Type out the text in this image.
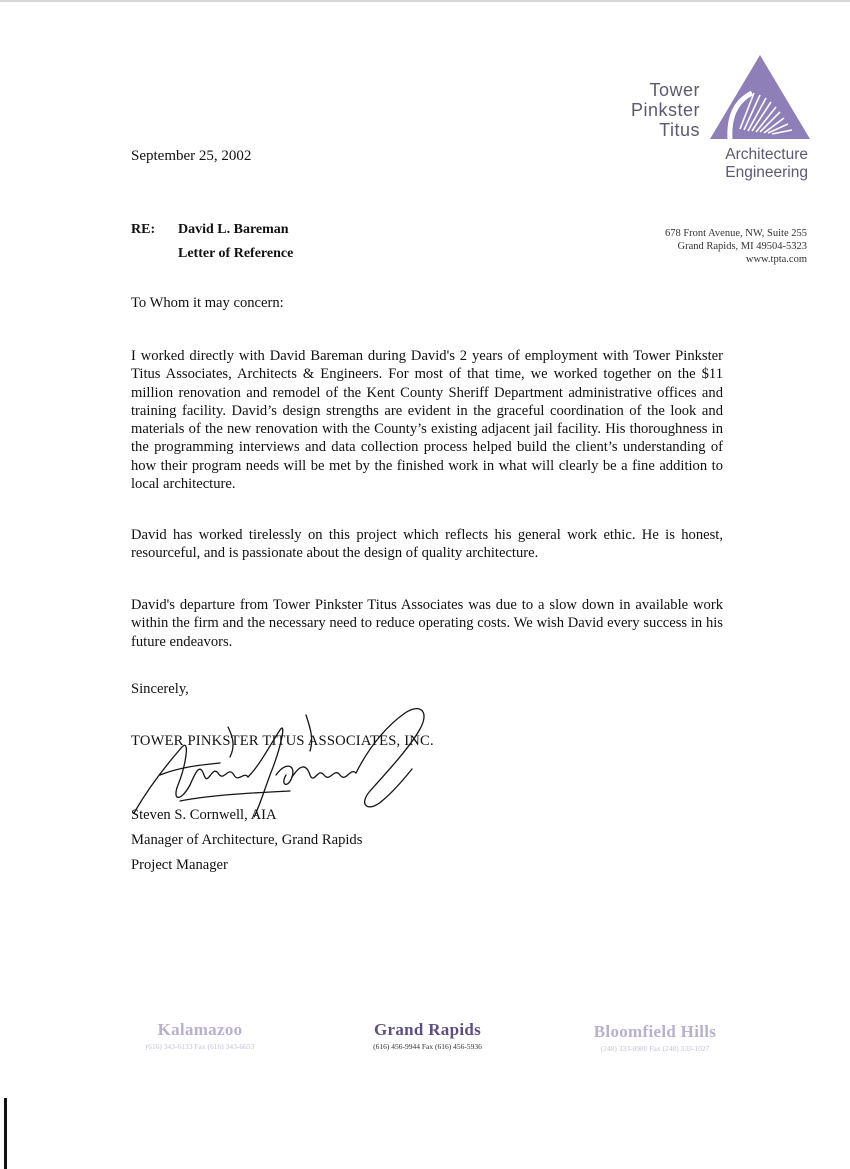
Tower
Pinkster
Titus
Architecture
Engineering
678 Front Avenue, NW, Suite 255
Grand Rapids, MI 49504-5323
www.tpta.com
September 25, 2002
RE: David L. Bareman
Letter of Reference
To Whom it may concern:
I worked directly with David Bareman during David's 2 years of employment with Tower Pinkster Titus Associates, Architects & Engineers. For most of that time, we worked together on the $11 million renovation and remodel of the Kent County Sheriff Department administrative offices and training facility. David’s design strengths are evident in the graceful coordination of the look and materials of the new renovation with the County’s existing adjacent jail facility. His thoroughness in the programming interviews and data collection process helped build the client’s understanding of how their program needs will be met by the finished work in what will clearly be a fine addition to local architecture.
David has worked tirelessly on this project which reflects his general work ethic. He is honest, resourceful, and is passionate about the design of quality architecture.
David's departure from Tower Pinkster Titus Associates was due to a slow down in available work within the firm and the necessary need to reduce operating costs. We wish David every success in his future endeavors.
Sincerely,
TOWER PINKSTER TITUS ASSOCIATES, INC.
Steven S. Cornwell, AIA
Manager of Architecture, Grand Rapids
Project Manager
Kalamazoo
(616) 343-6133 Fax (616) 343-6653
Grand Rapids
(616) 456-9944 Fax (616) 456-5936
Bloomfield Hills
(248) 333-0980 Fax (248) 333-1027
